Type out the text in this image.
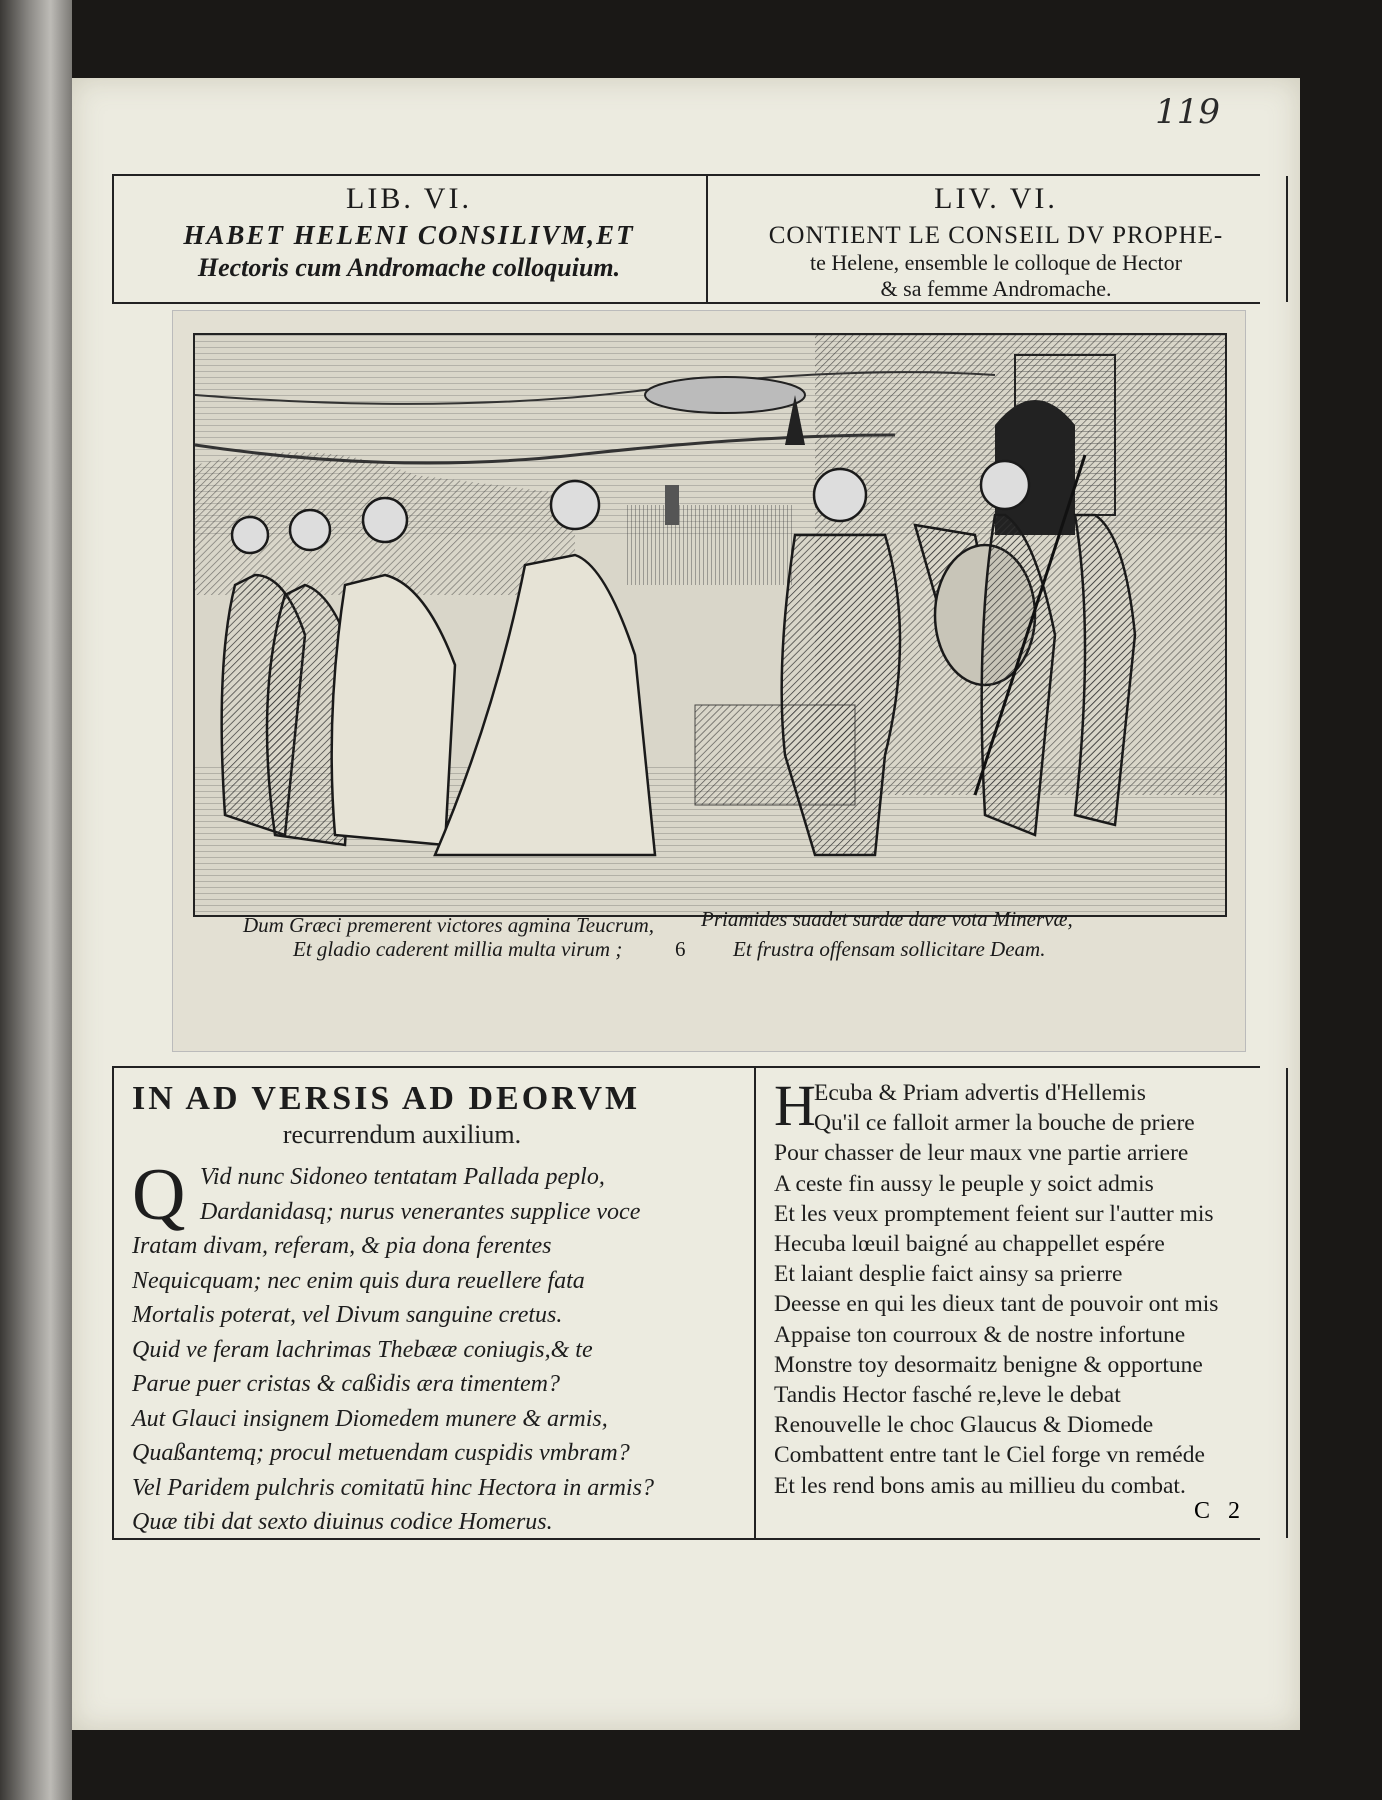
119
LIB. VI.
HABET HELENI CONSILIVM,ET
Hectoris cum Andromache colloquium.
LIV. VI.
CONTIENT LE CONSEIL DV PROPHE-
te Helene, ensemble le colloque de Hector
& sa femme Andromache.
Dum Græci premerent victores agmina Teucrum,
Et gladio caderent millia multa virum ;	6
Priamides suadet surdæ dare vota Minervæ,
Et frustra offensam sollicitare Deam.
IN AD VERSIS AD DEORVM
recurrendum auxilium.
Q Vid nunc Sidoneo tentatam Pallada peplo,
Dardanidasq; nurus venerantes supplice voce
Iratam divam, referam, & pia dona ferentes
Nequicquam; nec enim quis dura reuellere fata
Mortalis poterat, vel Divum sanguine cretus.
Quid ve feram lachrimas Thebææ coniugis,& te
Parue puer cristas & caßidis æra timentem?
Aut Glauci insignem Diomedem munere & armis,
Quaßantemq; procul metuendam cuspidis vmbram?
Vel Paridem pulchris comitatū hinc Hectora in armis?
Quæ tibi dat sexto diuinus codice Homerus.
H
Ecuba & Priam advertis d'Hellemis
Qu'il ce falloit armer la bouche de priere
Pour chasser de leur maux vne partie arriere
A ceste fin aussy le peuple y soict admis
Et les veux promptement feient sur l'autter mis
Hecuba lœuil baigné au chappellet espére
Et laiant desplie faict ainsy sa prierre
Deesse en qui les dieux tant de pouvoir ont mis
Appaise ton courroux & de nostre infortune
Monstre toy desormaitz benigne & opportune
Tandis Hector fasché re,leve le debat
Renouvelle le choc Glaucus & Diomede
Combattent entre tant le Ciel forge vn reméde
Et les rend bons amis au millieu du combat.
C 2
